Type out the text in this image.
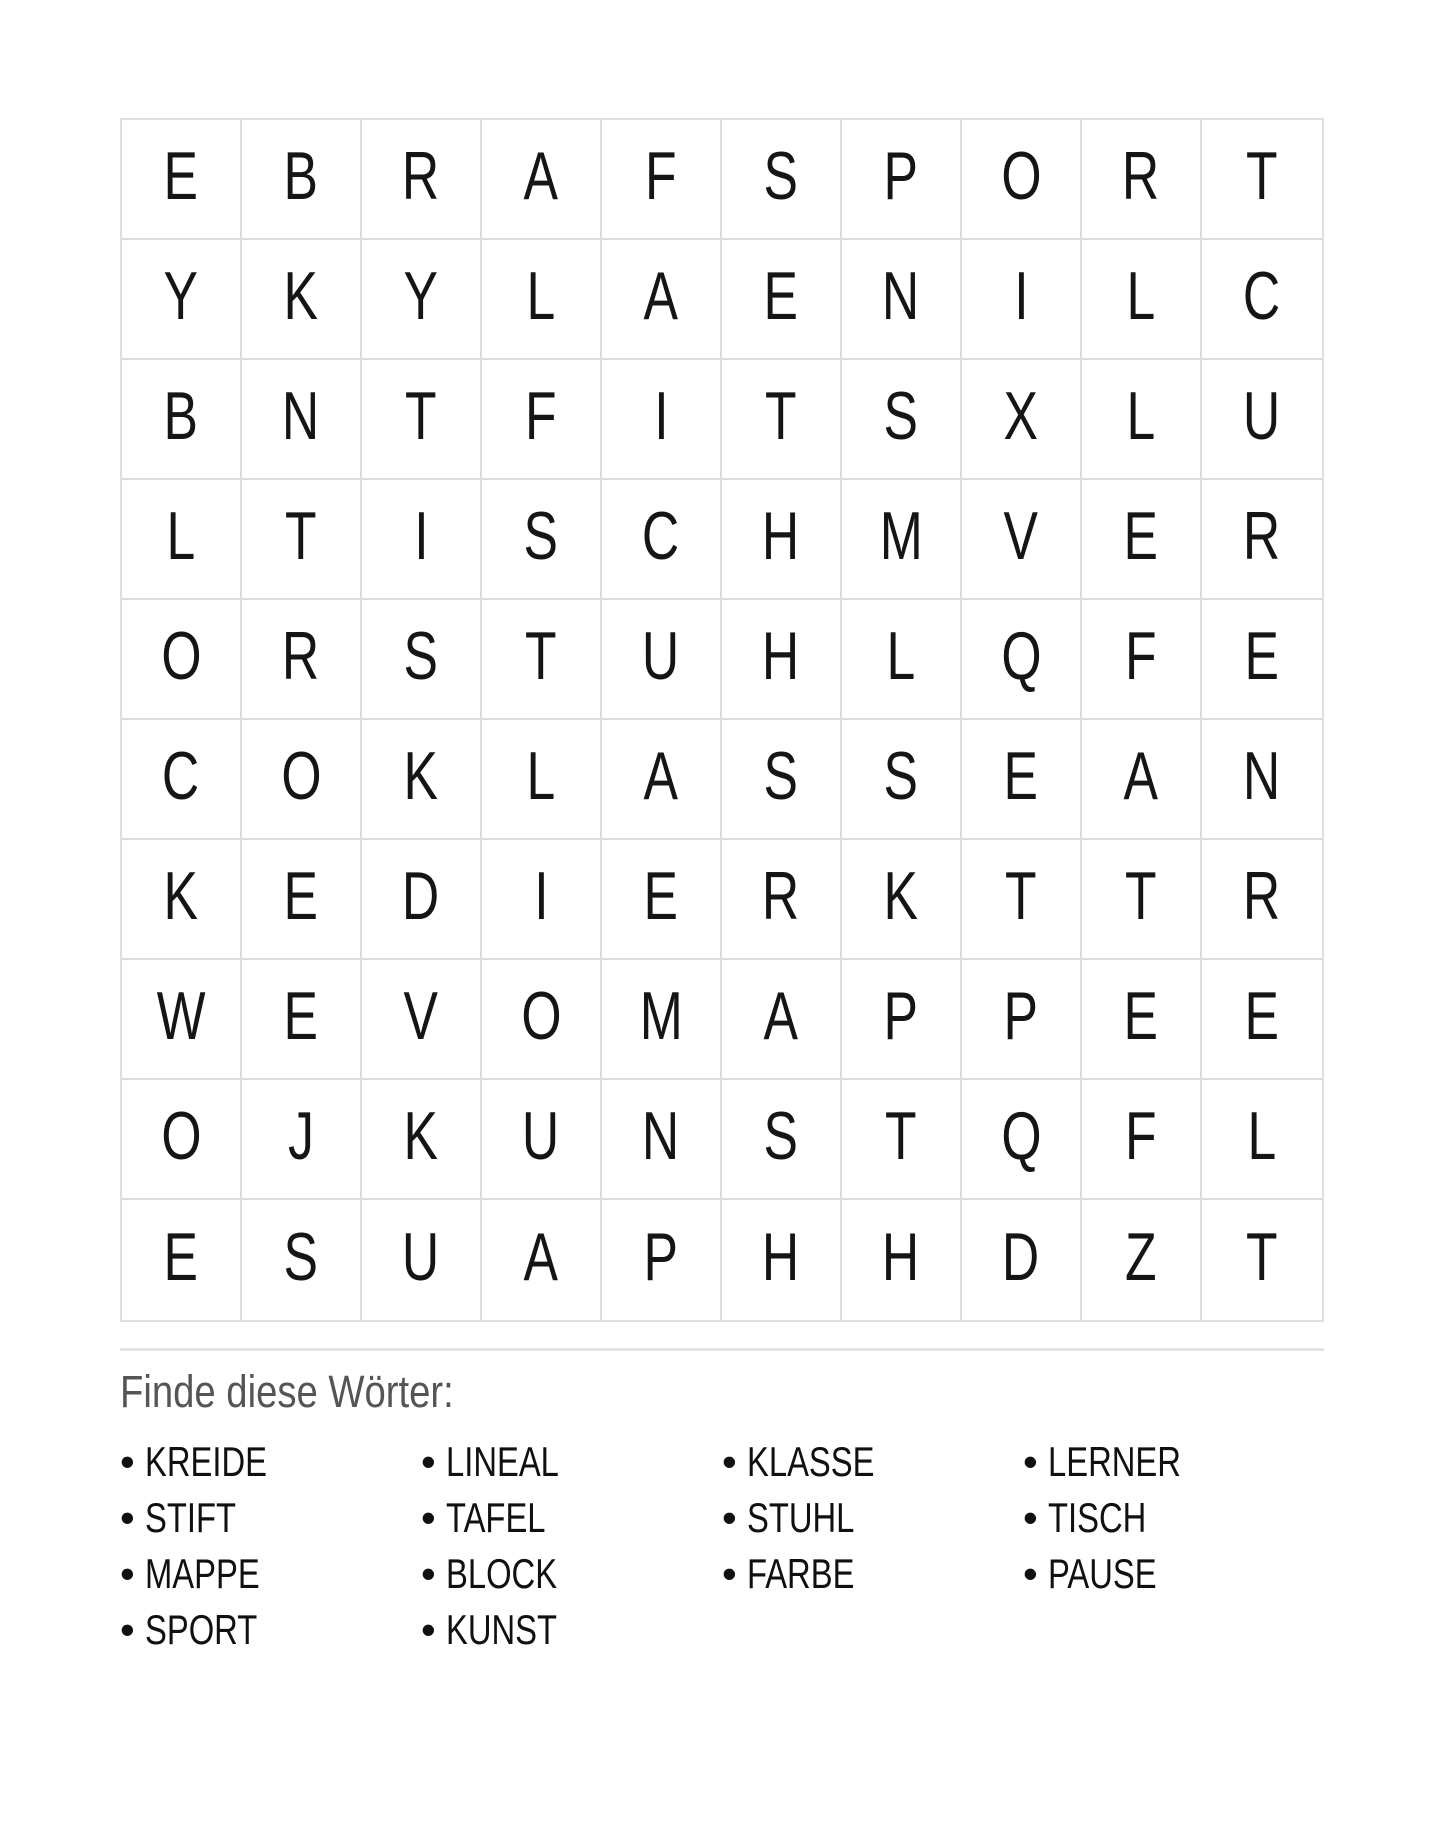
E B R A F S P O R T
Y K Y L A E N I L C
B N T F I T S X L U
L T I S C H M V E R
O R S T U H L Q F E
C O K L A S S E A N
K E D I E R K T T R
W E V O M A P P E E
O J K U N S T Q F L
E S U A P H H D Z T
Finde diese Wörter:
• KREIDE	• LINEAL	• KLASSE	• LERNER
• STIFT	• TAFEL	• STUHL	• TISCH
• MAPPE	• BLOCK	• FARBE	• PAUSE
• SPORT	• KUNST
